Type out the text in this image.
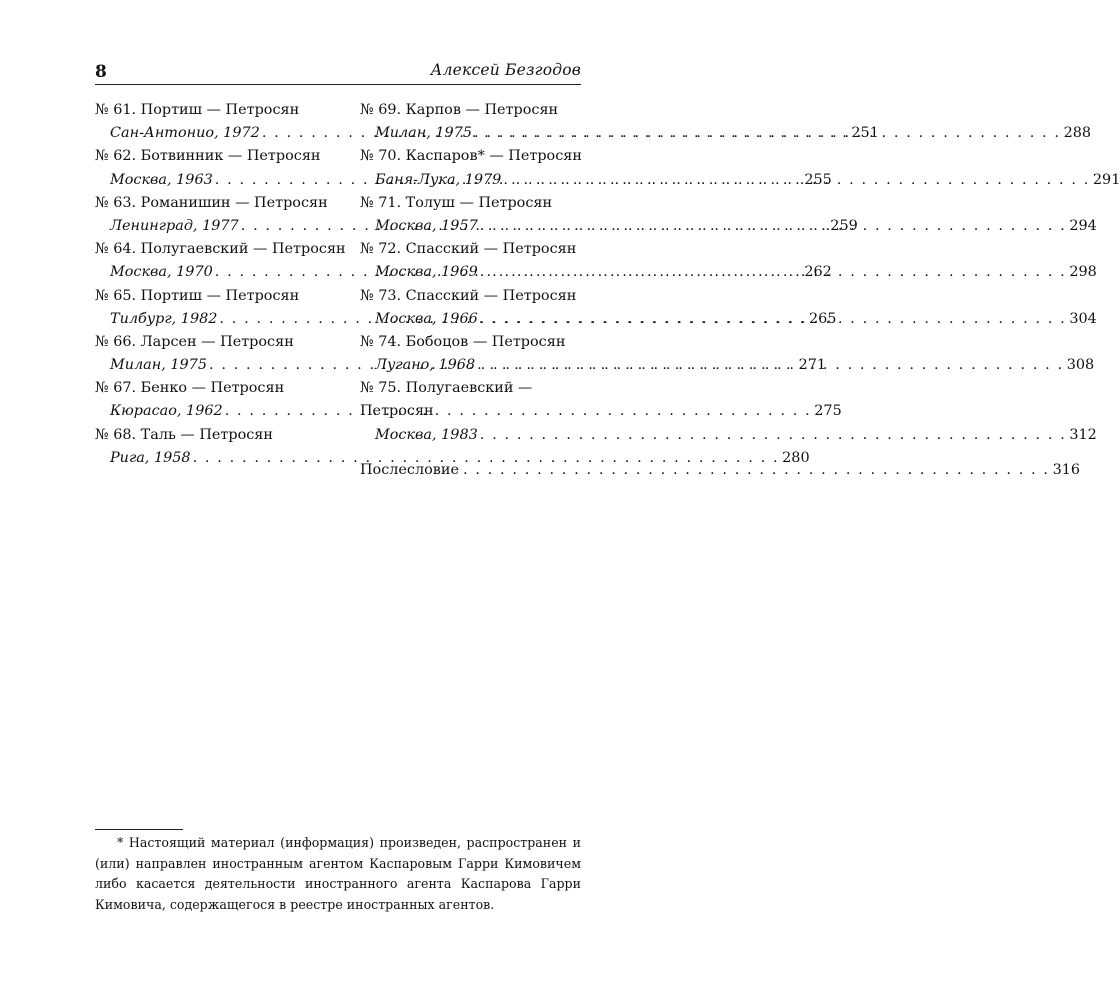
8	Алексей Безгодов
№ 61. Портиш — Петросян
Сан-Антонио, 1972 . . .	251
№ 62. Ботвинник — Петросян
Москва, 1963 . . .	255
№ 63. Романишин — Петросян
Ленинград, 1977 . . .	259
№ 64. Полугаевский — Петросян
Москва, 1970 . . .	262
№ 65. Портиш — Петросян
Тилбург, 1982 . . .	265
№ 66. Ларсен — Петросян
Милан, 1975 . . .	271
№ 67. Бенко — Петросян
Кюрасао, 1962 . . .	275
№ 68. Таль — Петросян
Рига, 1958 . . .	280
№ 69. Карпов — Петросян
Милан, 1975 . . .	288
№ 70. Каспаров* — Петросян
Баня-Лука, 1979 . . .	291
№ 71. Толуш — Петросян
Москва, 1957 . . .	294
№ 72. Спасский — Петросян
Москва, 1969 . . .	298
№ 73. Спасский — Петросян
Москва, 1966 . . .	304
№ 74. Бобоцов — Петросян
Лугано, 1968 . . .	308
№ 75. Полугаевский —
Петросян
Москва, 1983 . . .	312
Послесловие . . .	316

* Настоящий материал (информация) произведен, распространен и (или) направлен иностранным агентом Каспаровым Гарри Кимовичем либо касается деятельности иностранного агента Каспарова Гарри Кимовича, содержащегося в реестре иностранных агентов.
